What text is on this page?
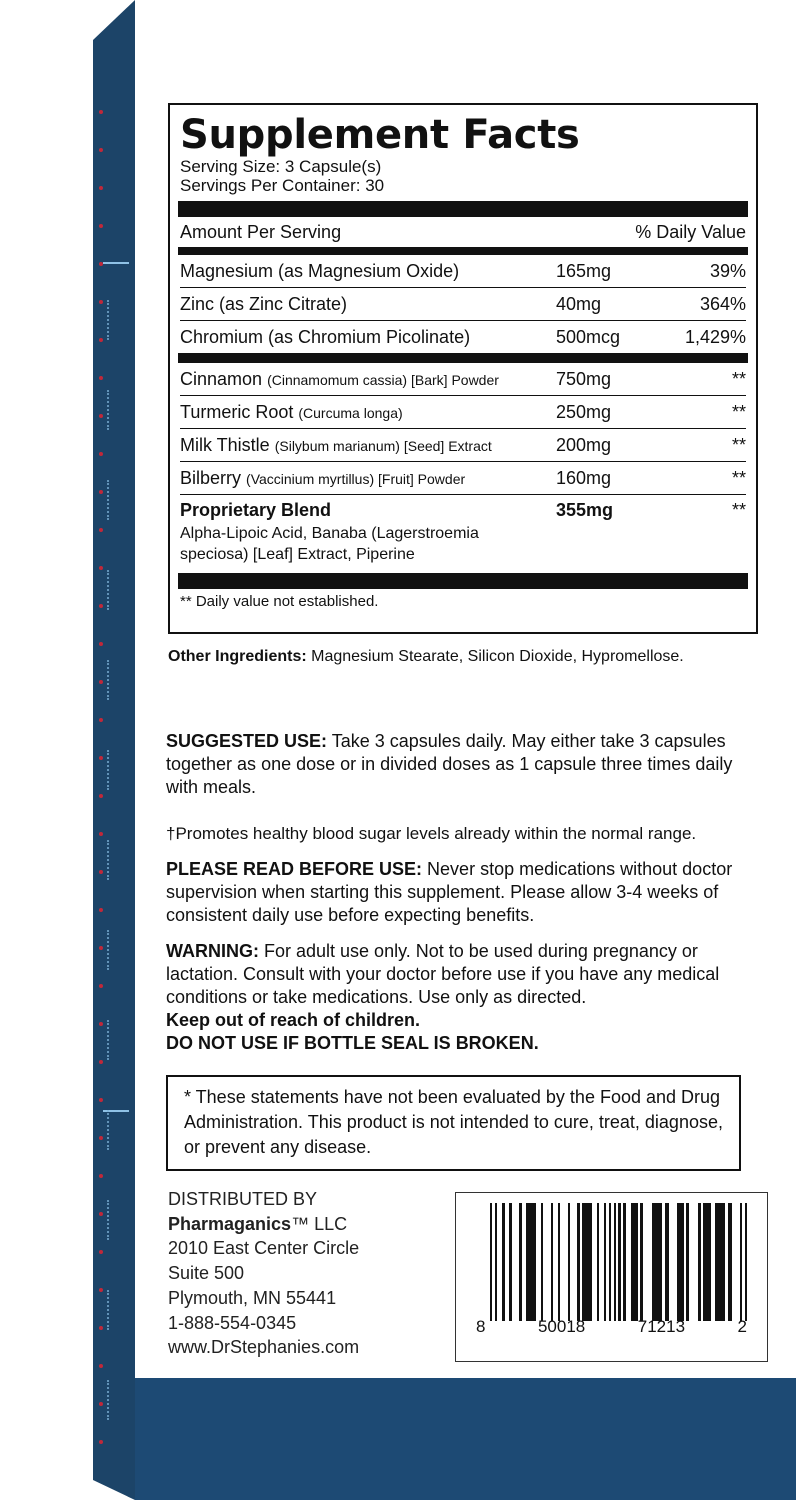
Supplement Facts
Serving Size: 3 Capsule(s)
Servings Per Container: 30
Amount Per Serving	% Daily Value
Magnesium (as Magnesium Oxide)	165mg	39%
Zinc (as Zinc Citrate)	40mg	364%
Chromium (as Chromium Picolinate)	500mcg	1,429%
Cinnamon (Cinnamomum cassia) [Bark] Powder	750mg	**
Turmeric Root (Curcuma longa)	250mg	**
Milk Thistle (Silybum marianum) [Seed] Extract	200mg	**
Bilberry (Vaccinium myrtillus) [Fruit] Powder	160mg	**
Proprietary Blend	355mg	**
Alpha-Lipoic Acid, Banaba (Lagerstroemia speciosa) [Leaf] Extract, Piperine
** Daily value not established.
Other Ingredients: Magnesium Stearate, Silicon Dioxide, Hypromellose.
SUGGESTED USE: Take 3 capsules daily. May either take 3 capsules together as one dose or in divided doses as 1 capsule three times daily with meals.
†Promotes healthy blood sugar levels already within the normal range.
PLEASE READ BEFORE USE: Never stop medications without doctor supervision when starting this supplement. Please allow 3-4 weeks of consistent daily use before expecting benefits.
WARNING: For adult use only. Not to be used during pregnancy or lactation. Consult with your doctor before use if you have any medical conditions or take medications. Use only as directed.
Keep out of reach of children.
DO NOT USE IF BOTTLE SEAL IS BROKEN.
* These statements have not been evaluated by the Food and Drug Administration. This product is not intended to cure, treat, diagnose, or prevent any disease.
DISTRIBUTED BY
Pharmaganics™ LLC
2010 East Center Circle
Suite 500
Plymouth, MN 55441
1-888-554-0345
www.DrStephanies.com
8	50018	71213	2
